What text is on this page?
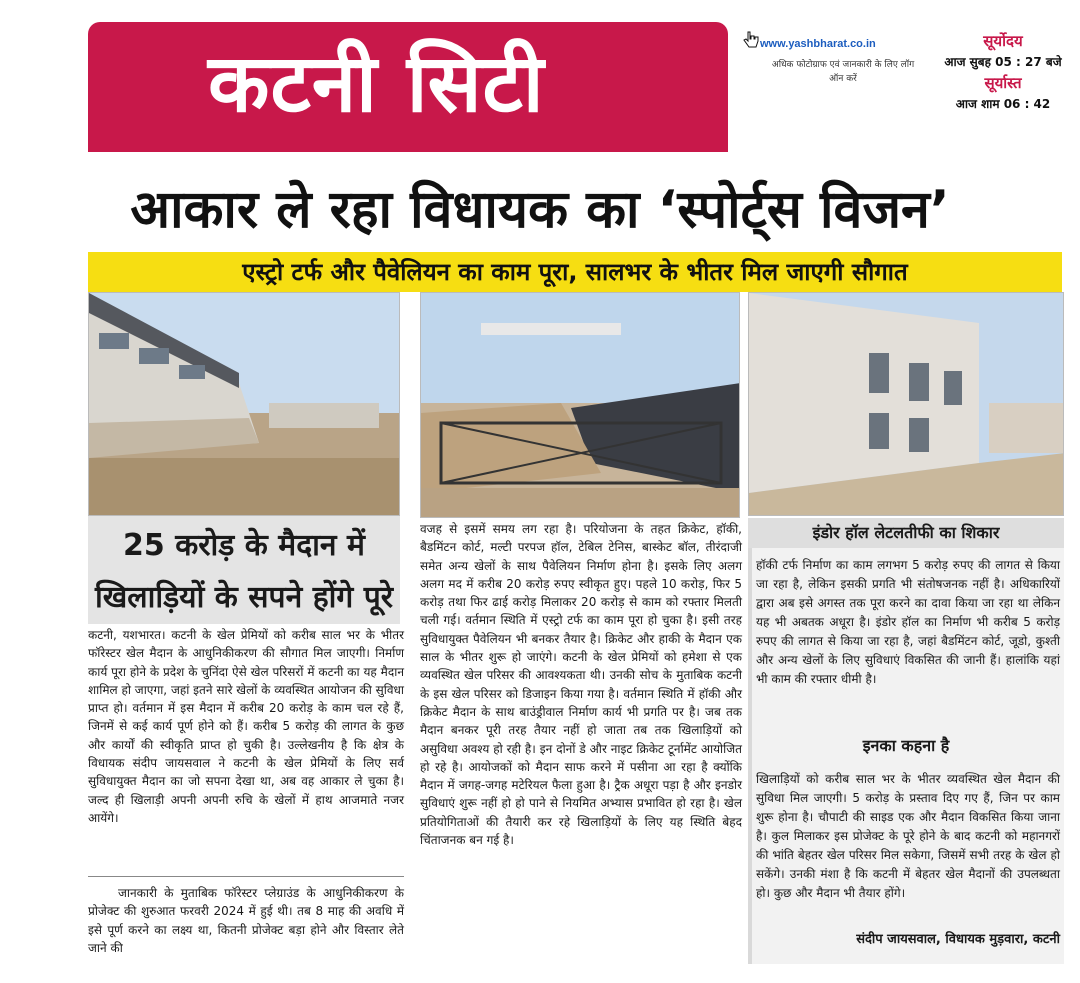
कटनी सिटी	www.yashbharat.co.in
अधिक फोटोग्राफ एवं जानकारी के लिए लॉग ऑन करें
सूर्योदय
आज सुबह 05 : 27 बजे
सूर्यास्त
आज शाम 06 : 42
आकार ले रहा विधायक का ‘स्पोर्ट्स विजन’
एस्ट्रो टर्फ और पैवेलियन का काम पूरा, सालभर के भीतर मिल जाएगी सौगात
25 करोड़ के मैदान में
खिलाड़ियों के सपने होंगे पूरे
कटनी, यशभारत। कटनी के खेल प्रेमियों को करीब साल भर के भीतर फॉरेस्टर खेल मैदान के आधुनिकीकरण की सौगात मिल जाएगी। निर्माण कार्य पूरा होने के प्रदेश के चुनिंदा ऐसे खेल परिसरों में कटनी का यह मैदान शामिल हो जाएगा, जहां इतने सारे खेलों के व्यवस्थित आयोजन की सुविधा प्राप्त हो। वर्तमान में इस मैदान में करीब 20 करोड़ के काम चल रहे हैं, जिनमें से कई कार्य पूर्ण होने को हैं। करीब 5 करोड़ की लागत के कुछ और कार्यों की स्वीकृति प्राप्त हो चुकी है। उल्लेखनीय है कि क्षेत्र के विधायक संदीप जायसवाल ने कटनी के खेल प्रेमियों के लिए सर्व सुविधायुक्त मैदान का जो सपना देखा था, अब वह आकार ले चुका है। जल्द ही खिलाड़ी अपनी अपनी रुचि के खेलों में हाथ आजमाते नजर आयेंगे।
जानकारी के मुताबिक फॉरेस्टर प्लेग्राउंड के आधुनिकीकरण के प्रोजेक्ट की शुरुआत फरवरी 2024 में हुई थी। तब 8 माह की अवधि में इसे पूर्ण करने का लक्ष्य था, कितनी प्रोजेक्ट बड़ा होने और विस्तार लेते जाने की
वजह से इसमें समय लग रहा है। परियोजना के तहत क्रिकेट, हॉकी, बैडमिंटन कोर्ट, मल्टी परपज हॉल, टेबिल टेनिस, बास्केट बॉल, तीरंदाजी समेत अन्य खेलों के साथ पैवेलियन निर्माण होना है। इसके लिए अलग अलग मद में करीब 20 करोड़ रुपए स्वीकृत हुए। पहले 10 करोड़, फिर 5 करोड़ तथा फिर ढाई करोड़ मिलाकर 20 करोड़ से काम को रफ्तार मिलती चली गई। वर्तमान स्थिति में एस्ट्रो टर्फ का काम पूरा हो चुका है। इसी तरह सुविधायुक्त पैवेलियन भी बनकर तैयार है। क्रिकेट और हाकी के मैदान एक साल के भीतर शुरू हो जाएंगे। कटनी के खेल प्रेमियों को हमेशा से एक व्यवस्थित खेल परिसर की आवश्यकता थी। उनकी सोच के मुताबिक कटनी के इस खेल परिसर को डिजाइन किया गया है। वर्तमान स्थिति में हॉकी और क्रिकेट मैदान के साथ बाउंड्रीवाल निर्माण कार्य भी प्रगति पर है। जब तक मैदान बनकर पूरी तरह तैयार नहीं हो जाता तब तक खिलाड़ियों को असुविधा अवश्य हो रही है। इन दोनों डे और नाइट क्रिकेट टूर्नामेंट आयोजित हो रहे है। आयोजकों को मैदान साफ करने में पसीना आ रहा है क्योंकि मैदान में जगह-जगह मटेरियल फैला हुआ है। ट्रैक अधूरा पड़ा है और इनडोर सुविधाएं शुरू नहीं हो हो पाने से नियमित अभ्यास प्रभावित हो रहा है। खेल प्रतियोगिताओं की तैयारी कर रहे खिलाड़ियों के लिए यह स्थिति बेहद चिंताजनक बन गई है।
इंडोर हॉल लेटलतीफी का शिकार
हॉकी टर्फ निर्माण का काम लगभग 5 करोड़ रुपए की लागत से किया जा रहा है, लेकिन इसकी प्रगति भी संतोषजनक नहीं है। अधिकारियों द्वारा अब इसे अगस्त तक पूरा करने का दावा किया जा रहा था लेकिन यह भी अबतक अधूरा है। इंडोर हॉल का निर्माण भी करीब 5 करोड़ रुपए की लागत से किया जा रहा है, जहां बैडमिंटन कोर्ट, जूडो, कुश्ती और अन्य खेलों के लिए सुविधाएं विकसित की जानी हैं। हालांकि यहां भी काम की रफ्तार धीमी है।
इनका कहना है
खिलाड़ियों को करीब साल भर के भीतर व्यवस्थित खेल मैदान की सुविधा मिल जाएगी। 5 करोड़ के प्रस्ताव दिए गए हैं, जिन पर काम शुरू होना है। चौपाटी की साइड एक और मैदान विकसित किया जाना है। कुल मिलाकर इस प्रोजेक्ट के पूरे होने के बाद कटनी को महानगरों की भांति बेहतर खेल परिसर मिल सकेगा, जिसमें सभी तरह के खेल हो सकेंगे। उनकी मंशा है कि कटनी में बेहतर खेल मैदानों की उपलब्धता हो। कुछ और मैदान भी तैयार होंगे।
संदीप जायसवाल, विधायक मुड़वारा, कटनी
